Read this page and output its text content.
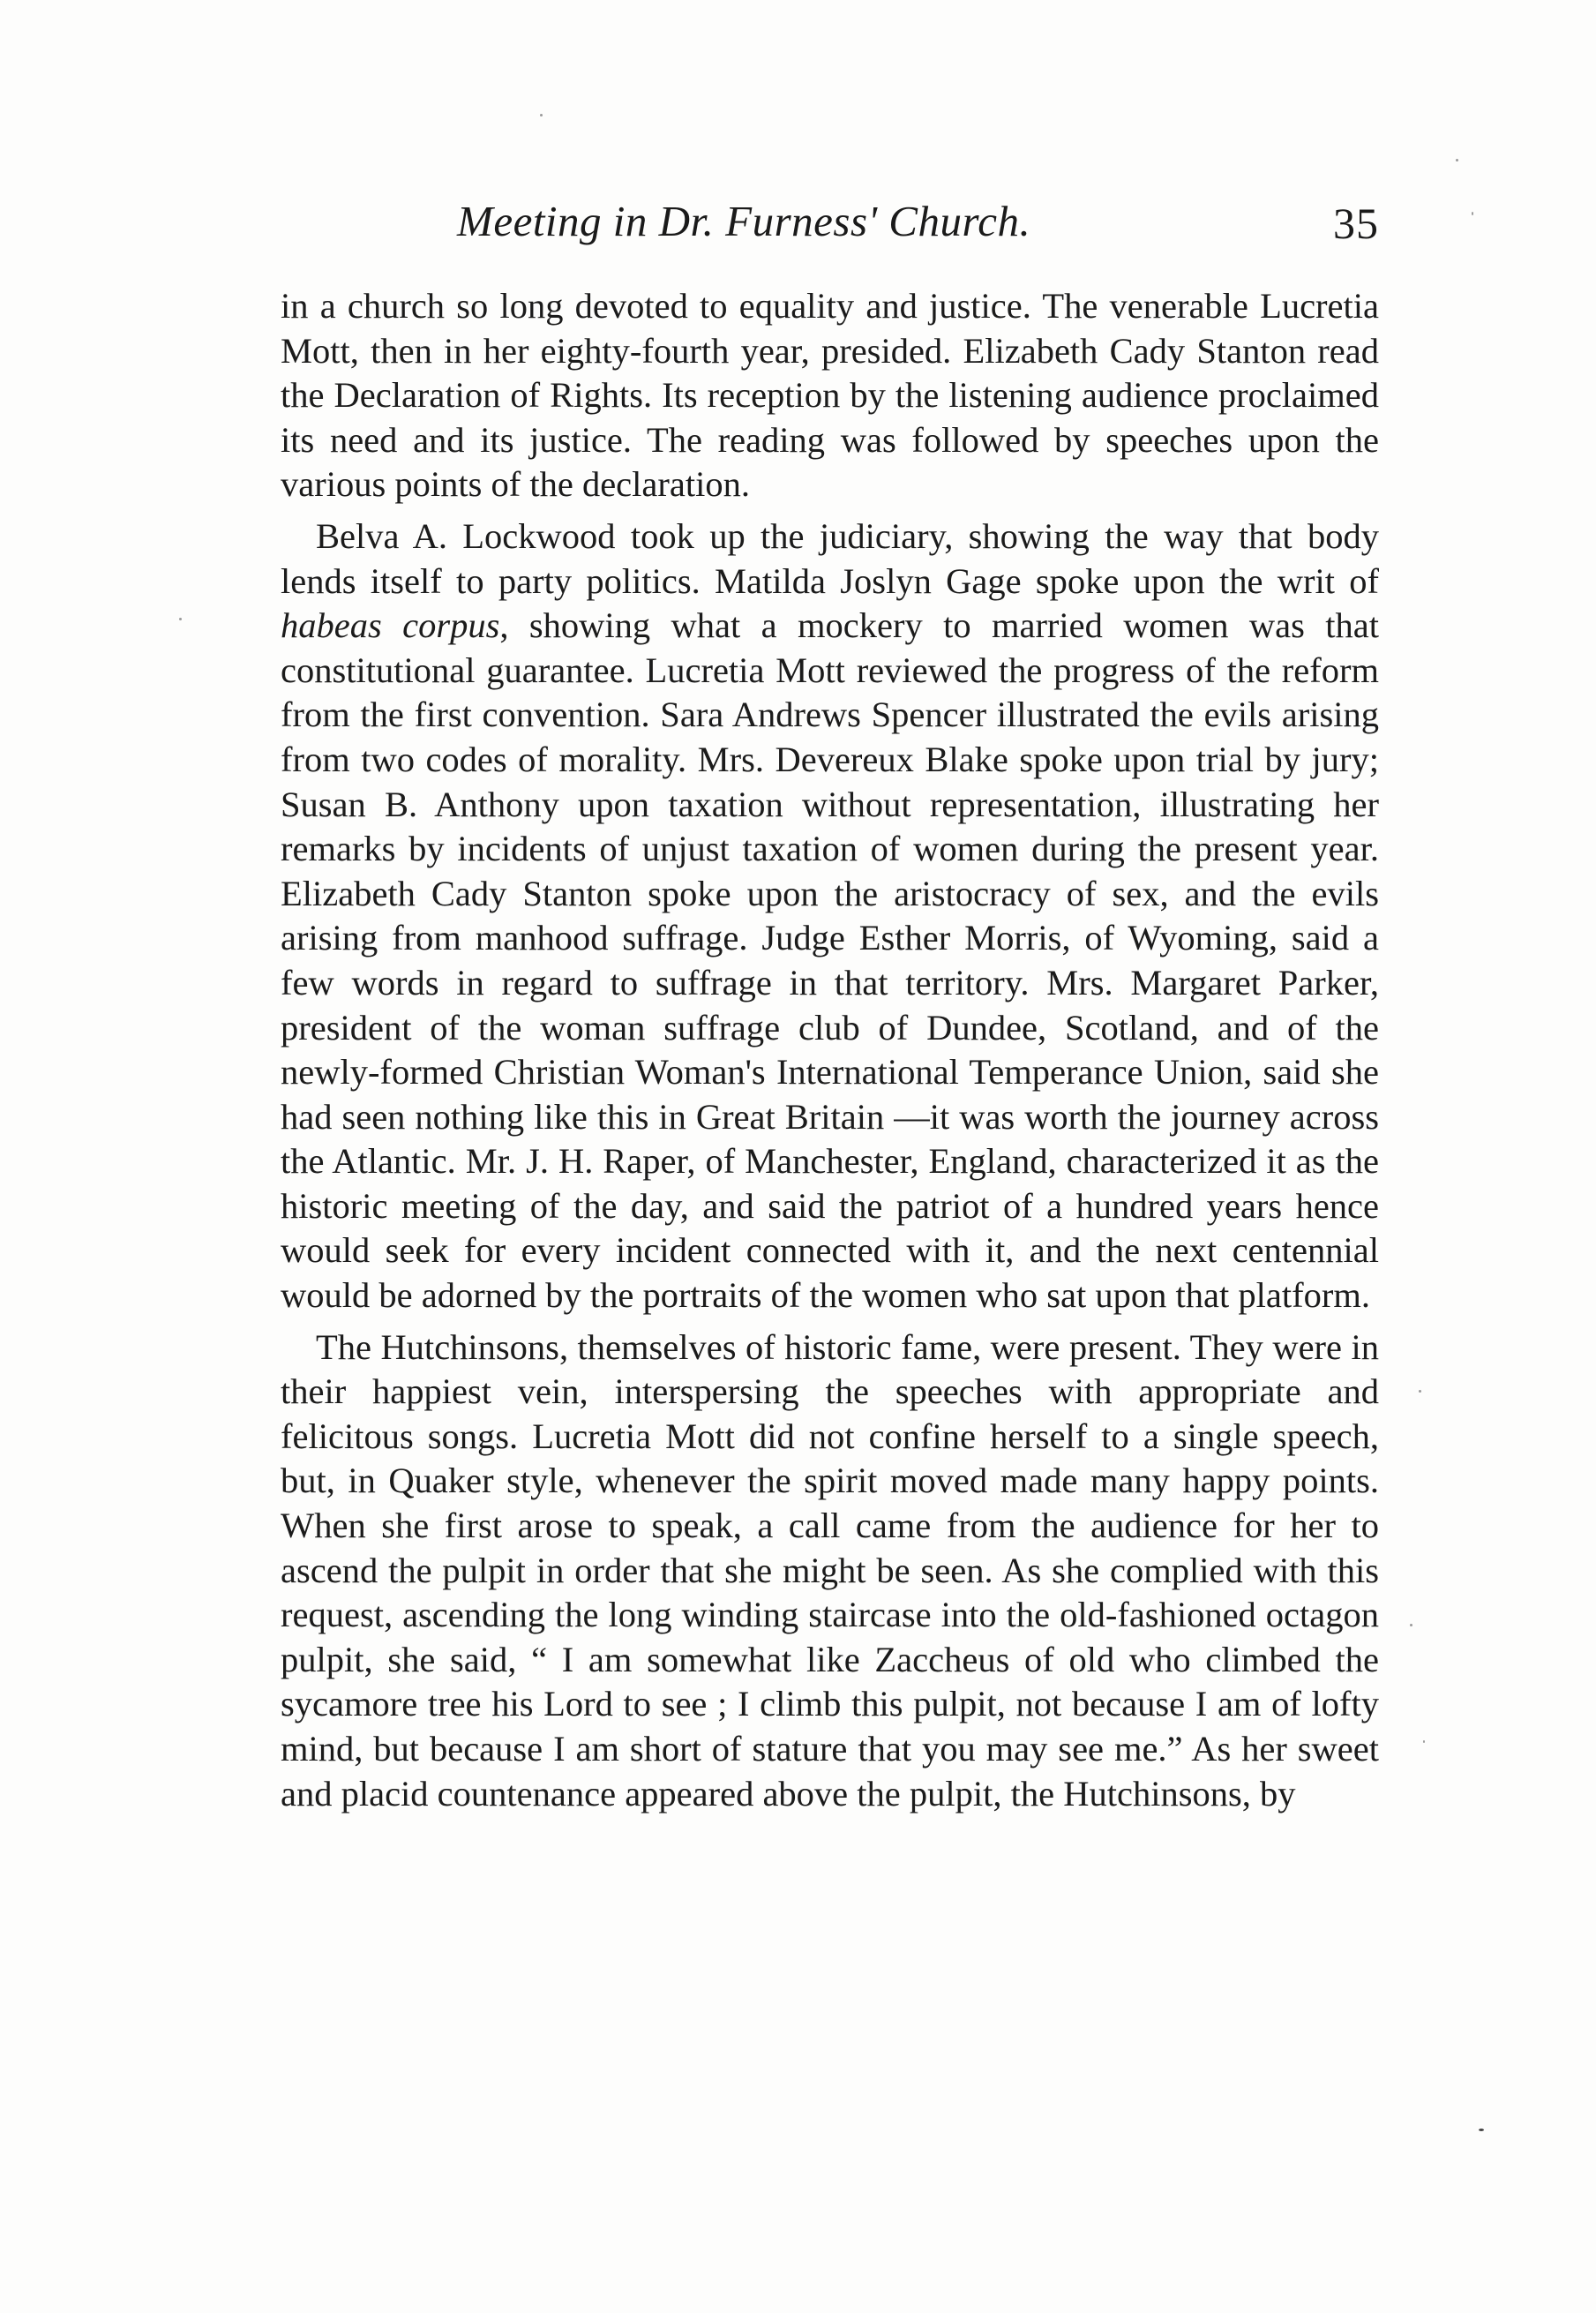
Meeting in Dr. Furness' Church.	35

in a church so long devoted to equality and justice. The venerable Lucretia Mott, then in her eighty-fourth year, presided. Elizabeth Cady Stanton read the Declaration of Rights. Its reception by the listening audience proclaimed its need and its justice. The reading was followed by speeches upon the various points of the declaration.

Belva A. Lockwood took up the judiciary, showing the way that body lends itself to party politics. Matilda Joslyn Gage spoke upon the writ of habeas corpus, showing what a mockery to married women was that constitutional guarantee. Lucretia Mott reviewed the progress of the reform from the first convention. Sara Andrews Spencer illustrated the evils arising from two codes of morality. Mrs. Devereux Blake spoke upon trial by jury; Susan B. Anthony upon taxation without representation, illustrating her remarks by incidents of unjust taxation of women during the present year. Elizabeth Cady Stanton spoke upon the aristocracy of sex, and the evils arising from manhood suffrage. Judge Esther Morris, of Wyoming, said a few words in regard to suffrage in that territory. Mrs. Margaret Parker, president of the woman suffrage club of Dundee, Scotland, and of the newly-formed Christian Woman's International Temperance Union, said she had seen nothing like this in Great Britain —it was worth the journey across the Atlantic. Mr. J. H. Raper, of Manchester, England, characterized it as the historic meeting of the day, and said the patriot of a hundred years hence would seek for every incident connected with it, and the next centennial would be adorned by the portraits of the women who sat upon that platform.

The Hutchinsons, themselves of historic fame, were present. They were in their happiest vein, interspersing the speeches with appropriate and felicitous songs. Lucretia Mott did not confine herself to a single speech, but, in Quaker style, whenever the spirit moved made many happy points. When she first arose to speak, a call came from the audience for her to ascend the pulpit in order that she might be seen. As she complied with this request, ascending the long winding staircase into the old-fashioned octagon pulpit, she said, “ I am somewhat like Zaccheus of old who climbed the sycamore tree his Lord to see ; I climb this pulpit, not because I am of lofty mind, but because I am short of stature that you may see me.” As her sweet and placid countenance appeared above the pulpit, the Hutchinsons, by
